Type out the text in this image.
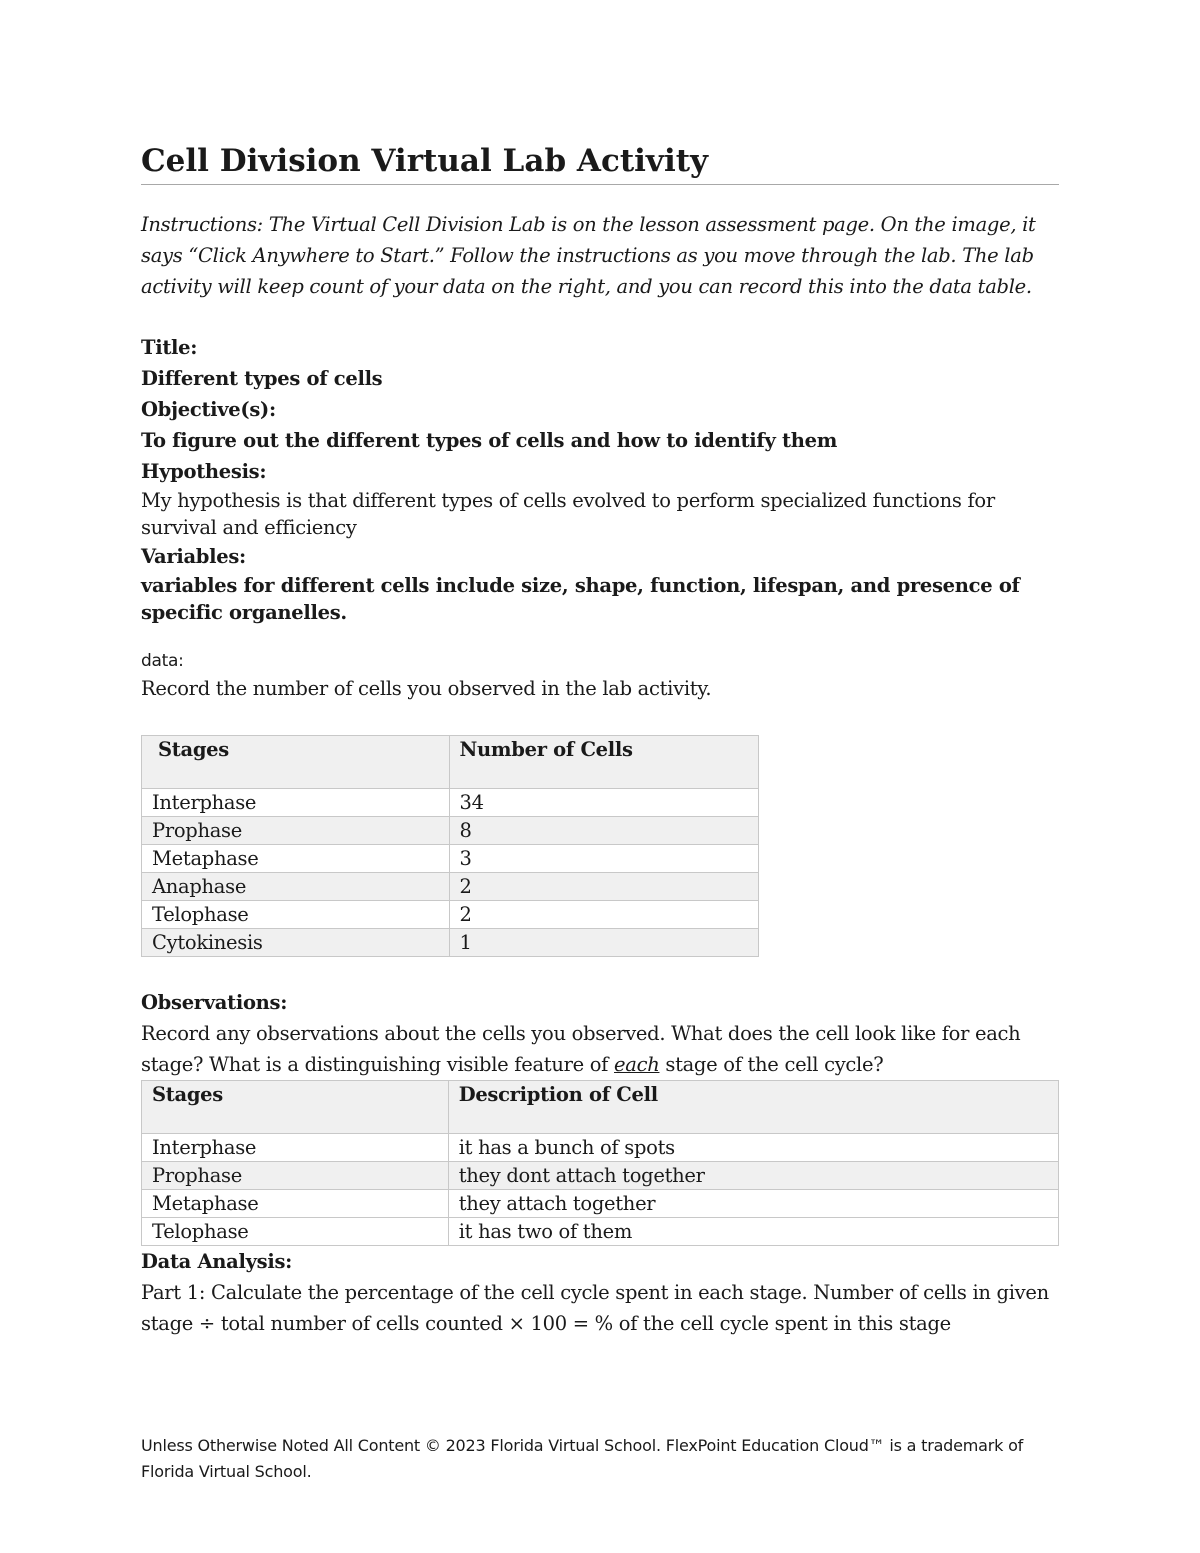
Cell Division Virtual Lab Activity

Instructions: The Virtual Cell Division Lab is on the lesson assessment page. On the image, it says “Click Anywhere to Start.” Follow the instructions as you move through the lab. The lab activity will keep count of your data on the right, and you can record this into the data table.

Title:

Different types of cells

Objective(s):

To figure out the different types of cells and how to identify them

Hypothesis:

My hypothesis is that different types of cells evolved to perform specialized functions for survival and efficiency

Variables:

variables for different cells include size, shape, function, lifespan, and presence of specific organelles.

data:

Record the number of cells you observed in the lab activity.

Stages	Number of Cells
Interphase	34
Prophase	8
Metaphase	3
Anaphase	2
Telophase	2
Cytokinesis	1

Observations:

Record any observations about the cells you observed. What does the cell look like for each stage? What is a distinguishing visible feature of each stage of the cell cycle?

Stages	Description of Cell
Interphase	it has a bunch of spots
Prophase	they dont attach together
Metaphase	they attach together
Telophase	it has two of them

Data Analysis:

Part 1: Calculate the percentage of the cell cycle spent in each stage. Number of cells in given stage ÷ total number of cells counted × 100 = % of the cell cycle spent in this stage

Unless Otherwise Noted All Content © 2023 Florida Virtual School. FlexPoint Education Cloud™ is a trademark of Florida Virtual School.
